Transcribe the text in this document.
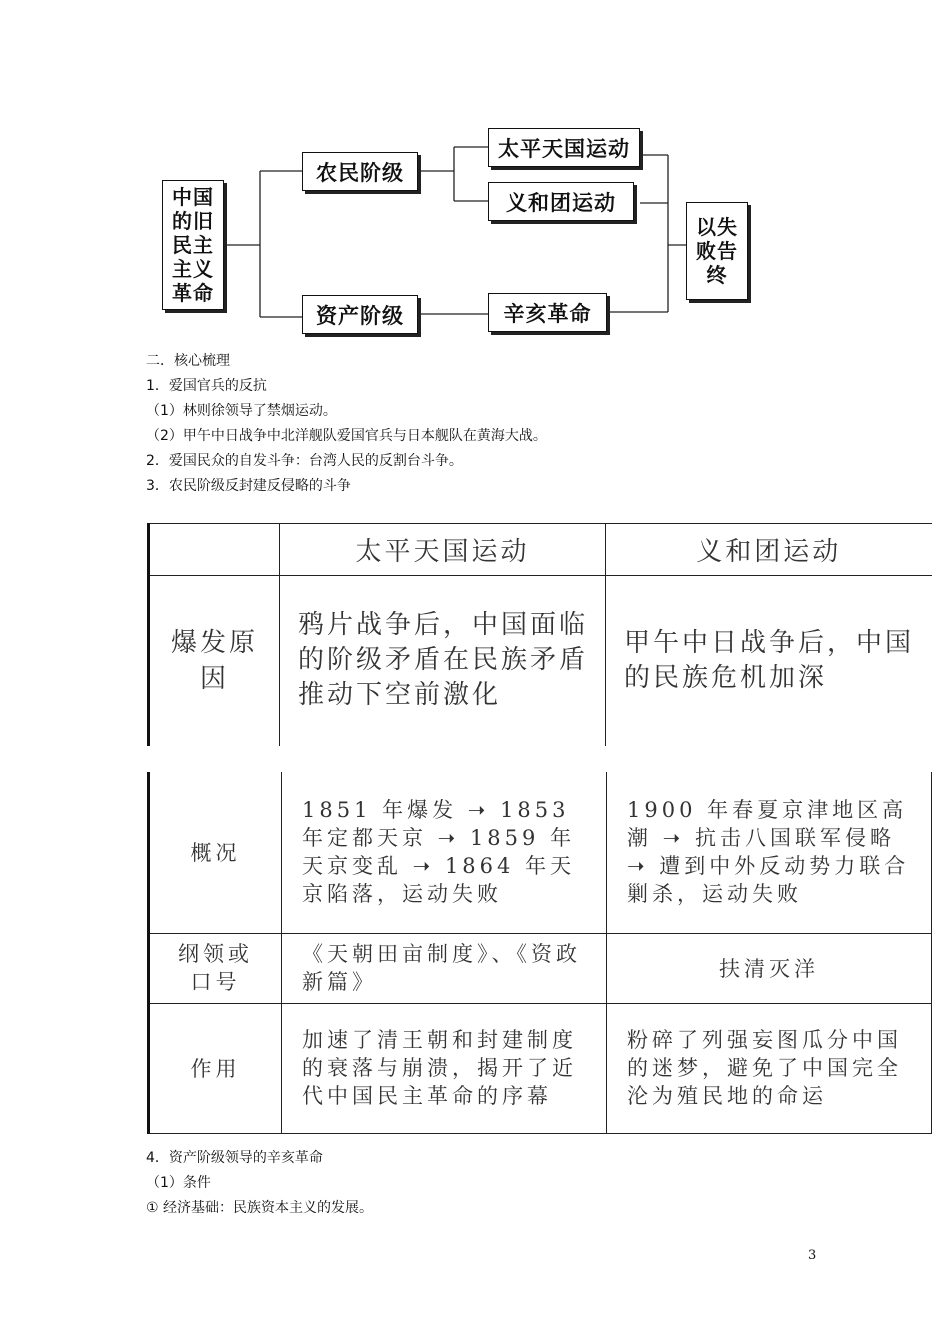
中国的旧民主主义革命
农民阶级
资产阶级
太平天国运动
义和团运动
辛亥革命
以失败告终
二．核心梳理
1．爱国官兵的反抗
（1）林则徐领导了禁烟运动。
（2）甲午中日战争中北洋舰队爱国官兵与日本舰队在黄海大战。
2．爱国民众的自发斗争：台湾人民的反割台斗争。
3．农民阶级反封建反侵略的斗争
	太平天国运动	义和团运动
爆发原因	鸦片战争后，中国面临的阶级矛盾在民族矛盾推动下空前激化	甲午中日战争后，中国的民族危机加深
概况	1851 年爆发 ➝ 1853 年定都天京 ➝ 1859 年天京变乱 ➝ 1864 年天京陷落，运动失败	1900 年春夏京津地区高潮 ➝ 抗击八国联军侵略 ➝ 遭到中外反动势力联合剿杀，运动失败
纲领或口号	《天朝田亩制度》、《资政新篇》	扶清灭洋
作用	加速了清王朝和封建制度的衰落与崩溃，揭开了近代中国民主革命的序幕	粉碎了列强妄图瓜分中国的迷梦，避免了中国完全沦为殖民地的命运
4．资产阶级领导的辛亥革命
（1）条件
① 经济基础：民族资本主义的发展。
3
